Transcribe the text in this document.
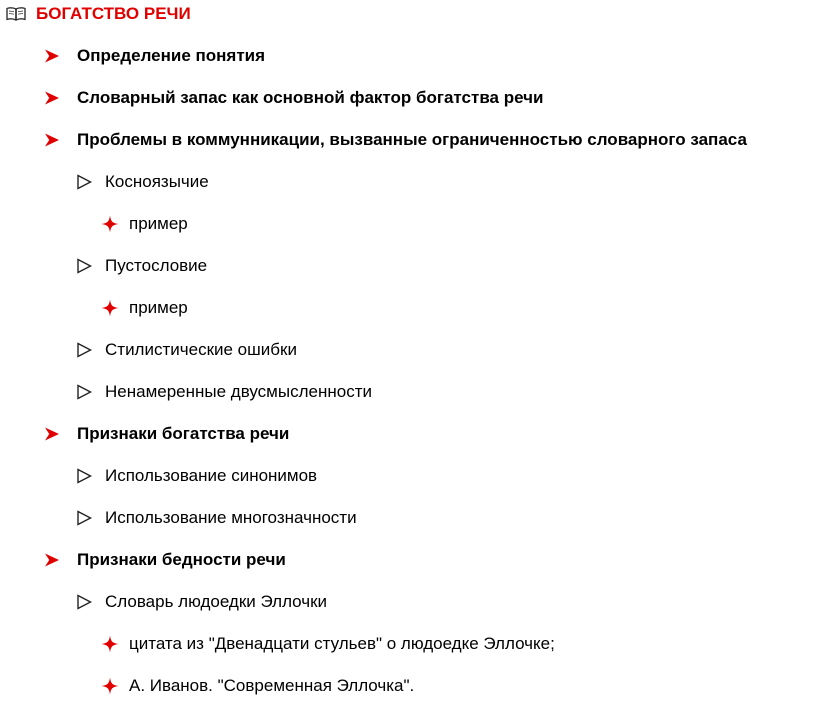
БОГАТСТВО РЕЧИ
Определение понятия
Словарный запас как основной фактор богатства речи
Проблемы в коммунникации, вызванные ограниченностью словарного запаса
Косноязычие
пример
Пустословие
пример
Стилистические ошибки
Ненамеренные двусмысленности
Признаки богатства речи
Использование синонимов
Использование многозначности
Признаки бедности речи
Словарь людоедки Эллочки
цитата из "Двенадцати стульев" о людоедке Эллочке;
А. Иванов. "Современная Эллочка".
